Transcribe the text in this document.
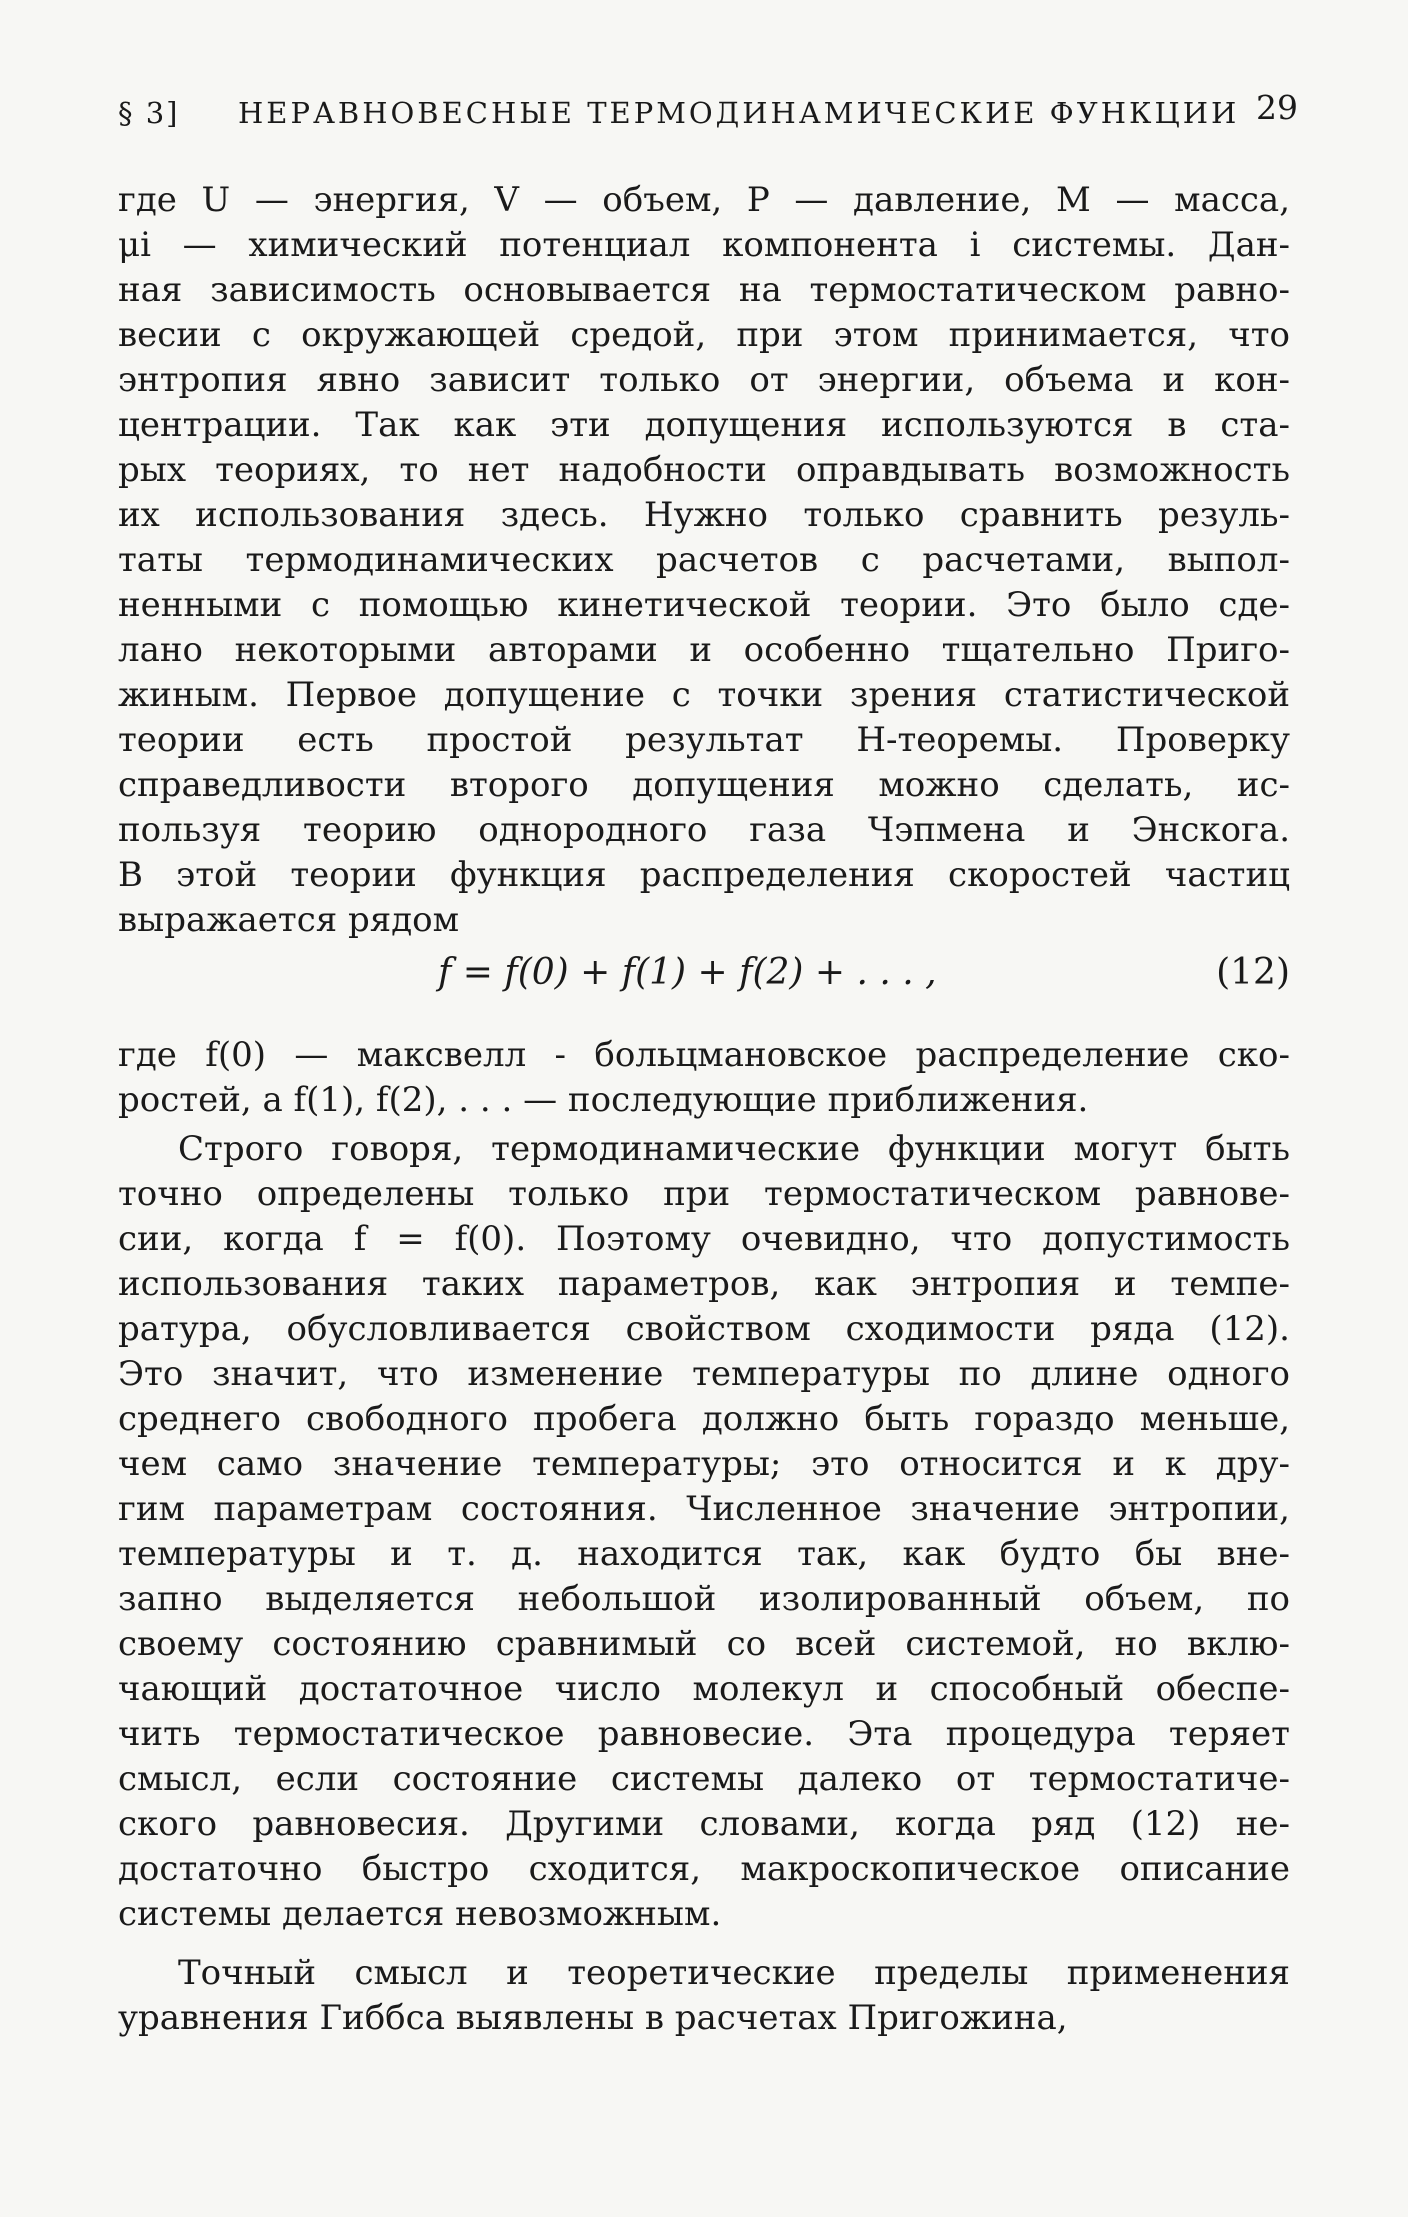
§ 3] НЕРАВНОВЕСНЫЕ ТЕРМОДИНАМИЧЕСКИЕ ФУНКЦИИ 29
где U — энергия, V — объем, P — давление, M — масса,
μi — химический потенциал компонента i системы. Дан-
ная зависимость основывается на термостатическом равно-
весии с окружающей средой, при этом принимается, что
энтропия явно зависит только от энергии, объема и кон-
центрации. Так как эти допущения используются в ста-
рых теориях, то нет надобности оправдывать возможность
их использования здесь. Нужно только сравнить резуль-
таты термодинамических расчетов с расчетами, выпол-
ненными с помощью кинетической теории. Это было сде-
лано некоторыми авторами и особенно тщательно Приго-
жиным. Первое допущение с точки зрения статистической
теории есть простой результат H-теоремы. Проверку
справедливости второго допущения можно сделать, ис-
пользуя теорию однородного газа Чэпмена и Энскога.
В этой теории функция распределения скоростей частиц
выражается рядом
f = f(0) + f(1) + f(2) + . . . ,	(12)
где f(0) — максвелл - больцмановское распределение ско-
ростей, а f(1), f(2), . . . — последующие приближения.
Строго говоря, термодинамические функции могут быть
точно определены только при термостатическом равнове-
сии, когда f = f(0). Поэтому очевидно, что допустимость
использования таких параметров, как энтропия и темпе-
ратура, обусловливается свойством сходимости ряда (12).
Это значит, что изменение температуры по длине одного
среднего свободного пробега должно быть гораздо меньше,
чем само значение температуры; это относится и к дру-
гим параметрам состояния. Численное значение энтропии,
температуры и т. д. находится так, как будто бы вне-
запно выделяется небольшой изолированный объем, по
своему состоянию сравнимый со всей системой, но вклю-
чающий достаточное число молекул и способный обеспе-
чить термостатическое равновесие. Эта процедура теряет
смысл, если состояние системы далеко от термостатиче-
ского равновесия. Другими словами, когда ряд (12) не-
достаточно быстро сходится, макроскопическое описание
системы делается невозможным.
Точный смысл и теоретические пределы применения
уравнения Гиббса выявлены в расчетах Пригожина,
